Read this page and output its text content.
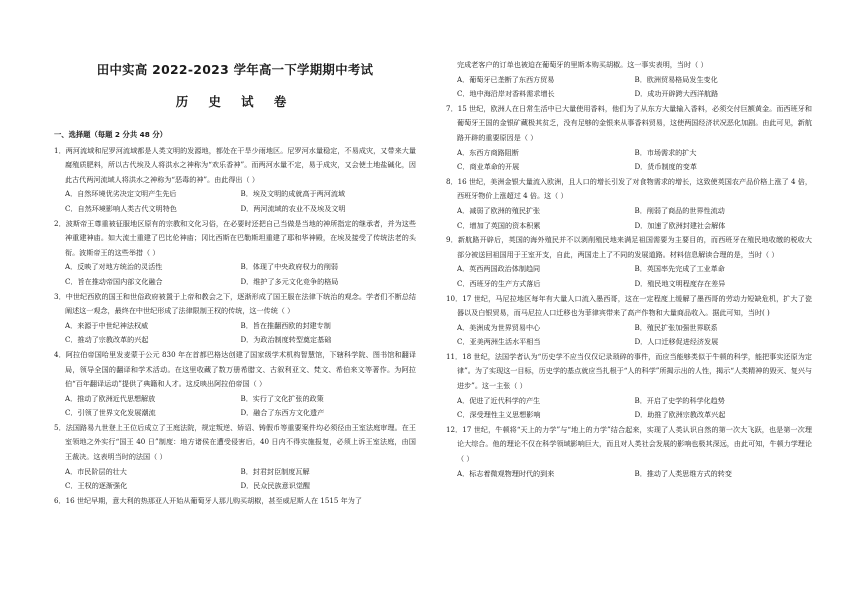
田中实高 2022-2023 学年高一下学期期中考试
历 史 试 卷
一、选择题（每题 2 分共 48 分）
1．两河流域和尼罗河流域都是人类文明的发源地，都处在干旱少雨地区。尼罗河水量稳定，不易成灾，又带来大量腐殖质肥料，所以古代埃及人将洪水之神称为“欢乐香神”。而两河水量不定，易于成灾，又会使土地盐碱化，因此古代两河流域人将洪水之神称为“恶毒的神”。由此得出（ ）
A．自然环境优劣决定文明产生先后	B．埃及文明的成就高于两河流域
C．自然环境影响人类古代文明特色	D．两河流域的农业不及埃及文明
2．波斯帝王尊重被征服地区原有的宗教和文化习俗，在必要时还把自己当做是当地的神所指定的继承者，并为这些神重建神庙。如大流士重建了巴比伦神庙；冈比西斯在巴勒斯坦重建了耶和华神殿，在埃及接受了传统法老的头衔。波斯帝王的这些举措（ ）
A．反映了对地方统治的灵活性	B．体现了中央政府权力的削弱
C．旨在推动帝国内部文化融合	D．维护了多元文化竞争的格局
3．中世纪西欧的国王和世俗政府被置于上帝和教会之下，逐渐形成了国王服在法律下统治的观念。学者们不断总结阐述这一观念，最终在中世纪形成了法律限制王权的传统，这一传统（ ）
A．来源于中世纪神法权威	B．旨在推翻西欧的封建专制
C．推动了宗教改革的兴起	D．为政治制度转型奠定基础
4．阿拉伯帝国哈里发麦蒙于公元 830 年在首都巴格达创建了国家级学术机构智慧馆，下辖科学院、图书馆和翻译局，领导全国的翻译和学术活动。在这里收藏了数万册希腊文、古叙利亚文、梵文、希伯来文等著作。为阿拉伯“百年翻译运动”提供了典籍和人才。这反映出阿拉伯帝国（ ）
A．推动了欧洲近代思想解放	B．实行了文化扩张的政策
C．引领了世界文化发展潮流	D．融合了东西方文化遗产
5．法国路易九世登上王位后成立了王庭法院，规定叛逆、矫诏、铸假币等重要案件均必须径由王室法庭审理。在王室领地之外实行“国王 40 日”制度：地方诸侯在遭受侵害后，40 日内不得实施报复，必须上诉王室法庭，由国王裁决。这表明当时的法国（ ）
A．市民阶层的壮大	B．封君封臣制度瓦解
C．王权的逐渐强化	D．民众民族意识觉醒
6．16 世纪早期，意大利的热那亚人开始从葡萄牙人那儿购买胡椒，甚至威尼斯人在 1515 年为了
完成老客户的订单也被迫在葡萄牙的里斯本购买胡椒。这一事实表明，当时（ ）
A．葡萄牙已垄断了东西方贸易	B．欧洲贸易格局发生变化
C．地中海沿岸对香料需求增长	D．成功开辟跨大西洋航路
7．15 世纪，欧洲人在日常生活中已大量使用香料，他们为了从东方大量输入香料，必须交付巨额黄金。而西班牙和葡萄牙王国的金银矿藏极其贫乏，没有足够的金银来从事香料贸易，这使两国经济状况恶化加剧。由此可见，新航路开辟的重要原因是（ ）
A．东西方商路阻断	B．市场需求的扩大
C．商业革命的开展	D．货币制度的变革
8．16 世纪，美洲金银大量流入欧洲，且人口的增长引发了对食物需求的增长，这致使英国农产品价格上涨了 4 倍，西班牙物价上涨超过 4 倍。这（ ）
A．减弱了欧洲的殖民扩张	B．削弱了商品的世界性流动
C．增加了英国的资本积累	D．加速了欧洲封建社会解体
9．新航路开辟后，英国的海外殖民并不以剥削殖民地来满足祖国需要为主要目的，而西班牙在殖民地收缴的税收大部分被送回祖国用于王室开支，自此，两国走上了不同的发展道路。材料信息解读合理的是，当时（ ）
A．英西两国政治体制趋同	B．英国率先完成了工业革命
C．西班牙的生产方式落后	D．殖民地文明程度存在差异
10．17 世纪，马尼拉地区每年有大量人口流入墨西哥，这在一定程度上缓解了墨西哥的劳动力短缺危机，扩大了瓷器以及白银贸易，而马尼拉人口迁移也为菲律宾带来了高产作物和大量商品收入。据此可知，当时( )
A．美洲成为世界贸易中心	B．殖民扩张加强世界联系
C．亚美两洲生活水平相当	D．人口迁移促进经济发展
11．18 世纪，法国学者认为“历史学不应当仅仅记录琐碎的事件，而应当能够类似于牛顿的科学，能把事实还原为定律”。为了实现这一目标，历史学的基点就应当扎根于“人的科学”所揭示出的人性，揭示“人类精神的毁灭、复兴与进步”。这一主张（ ）
A．促进了近代科学的产生	B．开启了史学的科学化趋势
C．深受理性主义思想影响	D．助推了欧洲宗教改革兴起
12．17 世纪，牛顿将“天上的力学”与“地上的力学”结合起来，实现了人类认识自然的第一次大飞跃，也是第一次理论大综合。他的理论不仅在科学领域影响巨大，而且对人类社会发展的影响也极其深远，由此可知，牛顿力学理论（ ）
A．标志着微观物理时代的到来	B．推动了人类思维方式的转变
